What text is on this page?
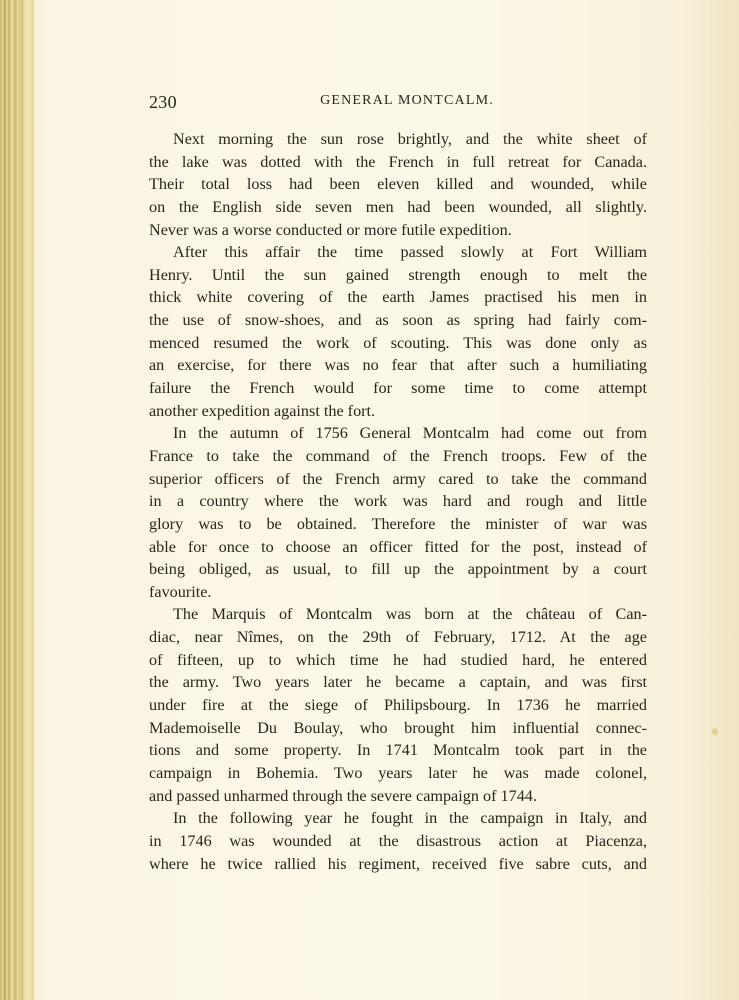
230	GENERAL MONTCALM.
Next morning the sun rose brightly, and the white sheet of
the lake was dotted with the French in full retreat for Canada.
Their total loss had been eleven killed and wounded, while
on the English side seven men had been wounded, all slightly.
Never was a worse conducted or more futile expedition.
After this affair the time passed slowly at Fort William
Henry. Until the sun gained strength enough to melt the
thick white covering of the earth James practised his men in
the use of snow-shoes, and as soon as spring had fairly com-
menced resumed the work of scouting. This was done only as
an exercise, for there was no fear that after such a humiliating
failure the French would for some time to come attempt
another expedition against the fort.
In the autumn of 1756 General Montcalm had come out from
France to take the command of the French troops. Few of the
superior officers of the French army cared to take the command
in a country where the work was hard and rough and little
glory was to be obtained. Therefore the minister of war was
able for once to choose an officer fitted for the post, instead of
being obliged, as usual, to fill up the appointment by a court
favourite.
The Marquis of Montcalm was born at the château of Can-
diac, near Nîmes, on the 29th of February, 1712. At the age
of fifteen, up to which time he had studied hard, he entered
the army. Two years later he became a captain, and was first
under fire at the siege of Philipsbourg. In 1736 he married
Mademoiselle Du Boulay, who brought him influential connec-
tions and some property. In 1741 Montcalm took part in the
campaign in Bohemia. Two years later he was made colonel,
and passed unharmed through the severe campaign of 1744.
In the following year he fought in the campaign in Italy, and
in 1746 was wounded at the disastrous action at Piacenza,
where he twice rallied his regiment, received five sabre cuts, and
